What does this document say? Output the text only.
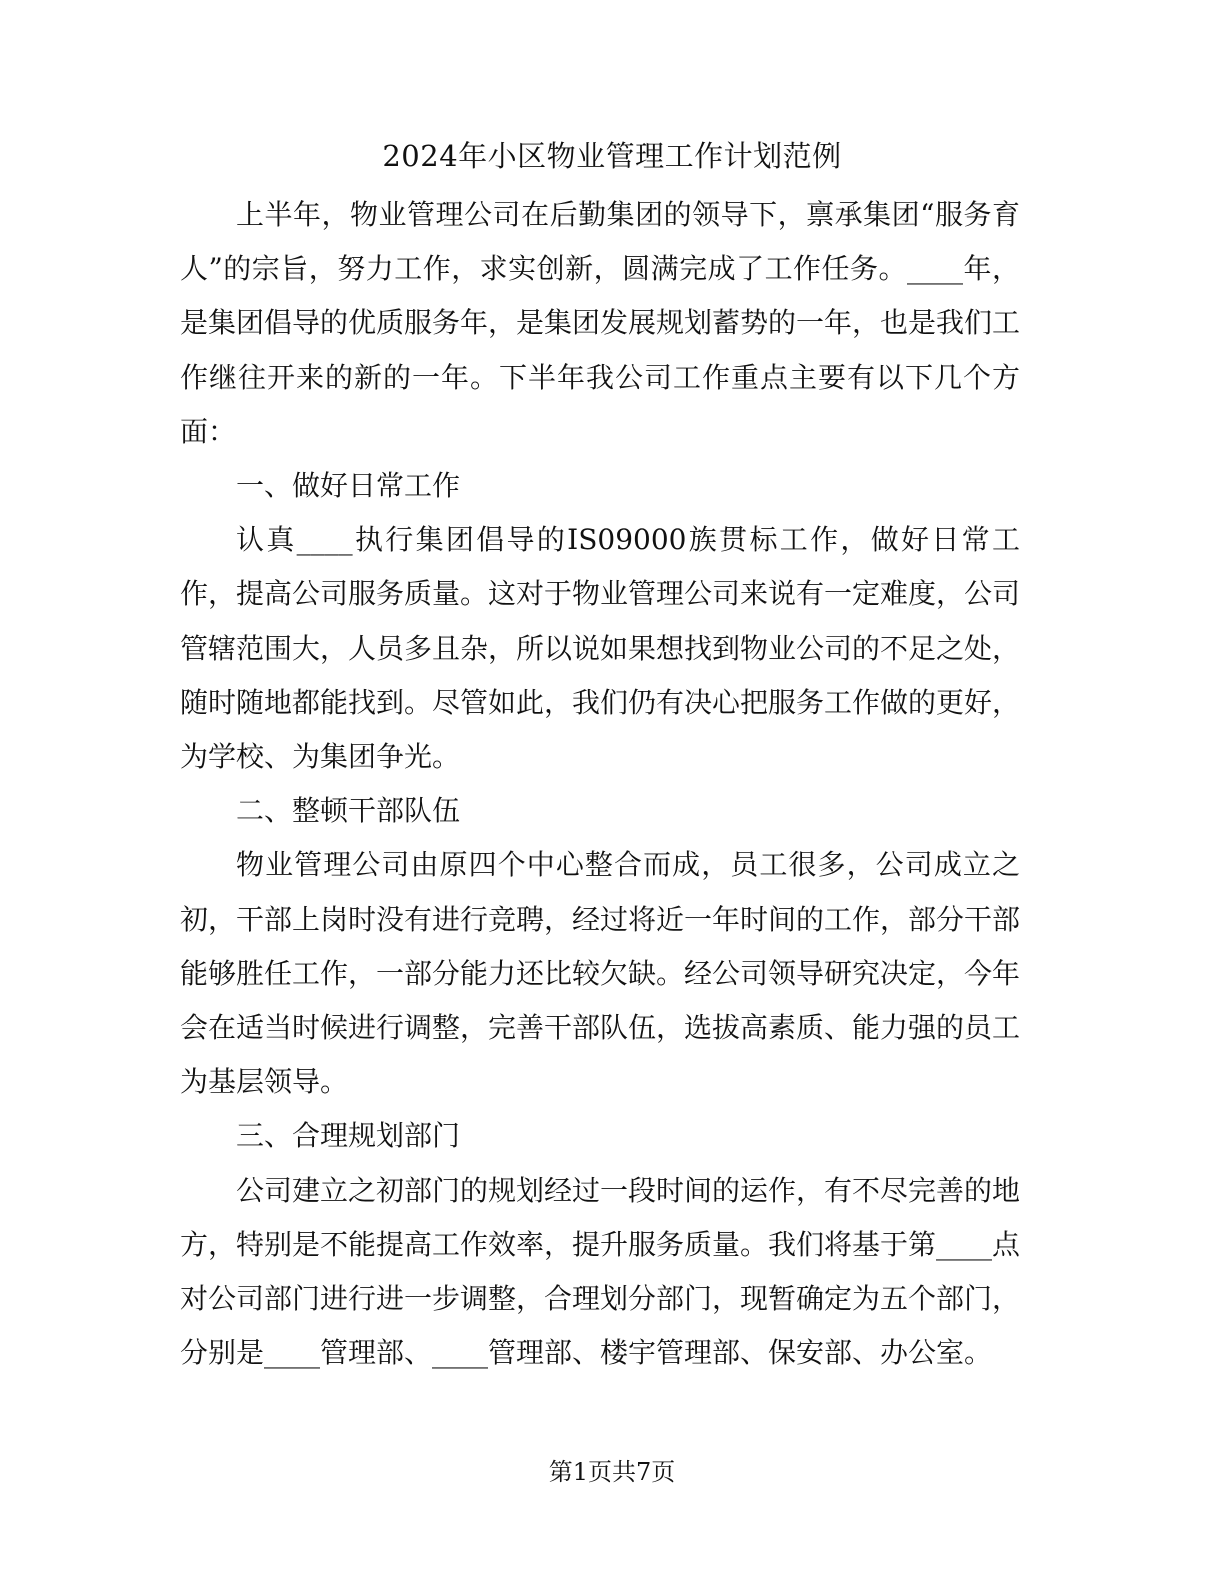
2024年小区物业管理工作计划范例

上半年，物业管理公司在后勤集团的领导下，禀承集团“服务育人”的宗旨，努力工作，求实创新，圆满完成了工作任务。____年，是集团倡导的优质服务年，是集团发展规划蓄势的一年，也是我们工作继往开来的新的一年。下半年我公司工作重点主要有以下几个方面：

一、做好日常工作

认真____执行集团倡导的IS09000族贯标工作，做好日常工作，提高公司服务质量。这对于物业管理公司来说有一定难度，公司管辖范围大，人员多且杂，所以说如果想找到物业公司的不足之处，随时随地都能找到。尽管如此，我们仍有决心把服务工作做的更好，为学校、为集团争光。

二、整顿干部队伍

物业管理公司由原四个中心整合而成，员工很多，公司成立之初，干部上岗时没有进行竞聘，经过将近一年时间的工作，部分干部能够胜任工作，一部分能力还比较欠缺。经公司领导研究决定，今年会在适当时候进行调整，完善干部队伍，选拔高素质、能力强的员工为基层领导。

三、合理规划部门

公司建立之初部门的规划经过一段时间的运作，有不尽完善的地方，特别是不能提高工作效率，提升服务质量。我们将基于第____点对公司部门进行进一步调整，合理划分部门，现暂确定为五个部门，分别是____管理部、____管理部、楼宇管理部、保安部、办公室。

第1页共7页
